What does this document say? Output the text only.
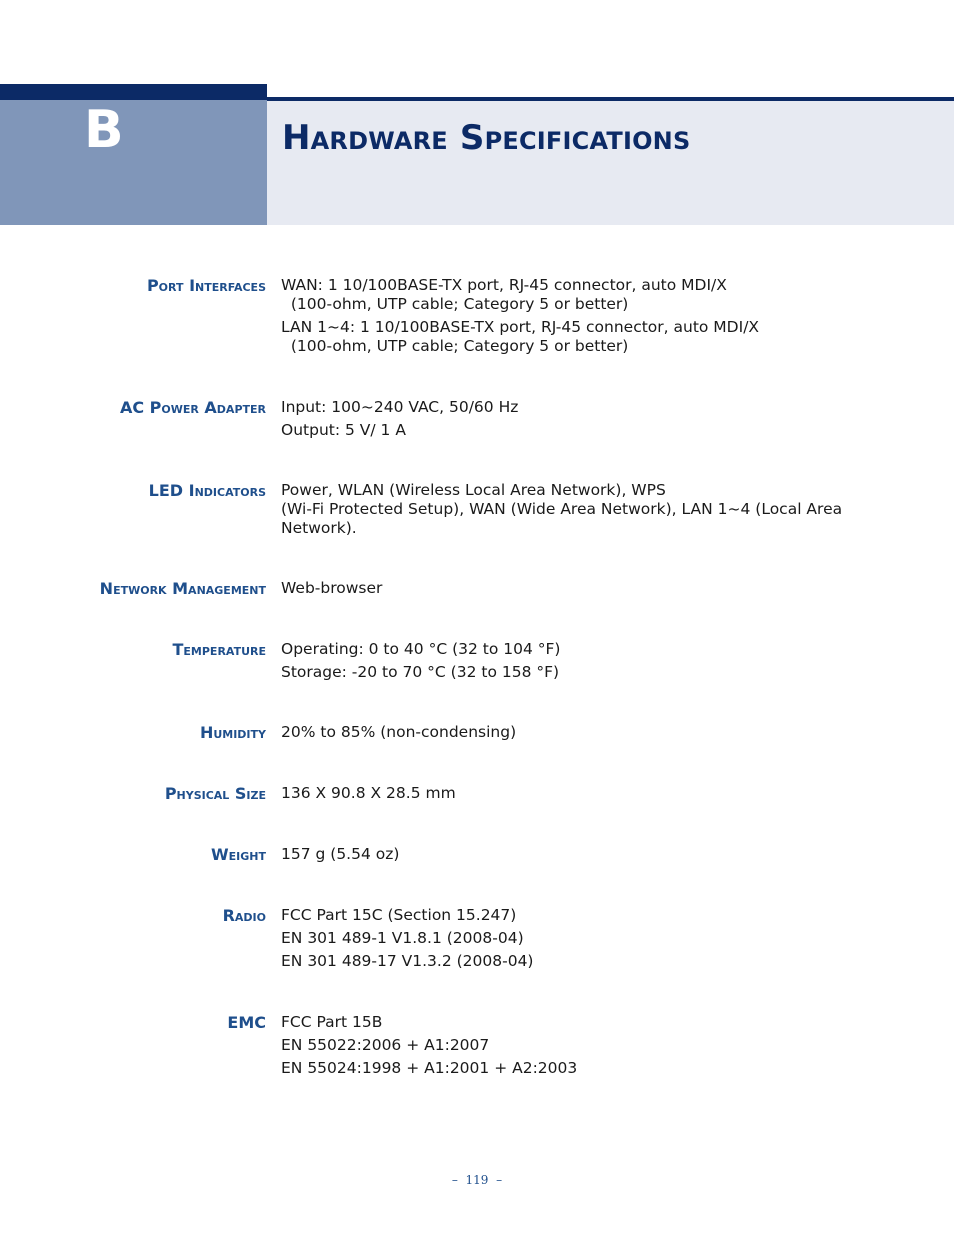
B	Hardware Specifications
Port Interfaces WAN: 1 10/100BASE-TX port, RJ-45 connector, auto MDI/X
(100-ohm, UTP cable; Category 5 or better)
LAN 1~4: 1 10/100BASE-TX port, RJ-45 connector, auto MDI/X
(100-ohm, UTP cable; Category 5 or better)
AC Power Adapter Input: 100~240 VAC, 50/60 Hz
Output: 5 V/ 1 A
LED Indicators Power, WLAN (Wireless Local Area Network), WPS
(Wi-Fi Protected Setup), WAN (Wide Area Network), LAN 1~4 (Local Area
Network).
Network Management Web-browser
Temperature Operating: 0 to 40 °C (32 to 104 °F)
Storage: -20 to 70 °C (32 to 158 °F)
Humidity 20% to 85% (non-condensing)
Physical Size 136 X 90.8 X 28.5 mm
Weight 157 g (5.54 oz)
Radio FCC Part 15C (Section 15.247)
EN 301 489-1 V1.8.1 (2008-04)
EN 301 489-17 V1.3.2 (2008-04)
EMC FCC Part 15B
EN 55022:2006 + A1:2007
EN 55024:1998 + A1:2001 + A2:2003
–  119  –
